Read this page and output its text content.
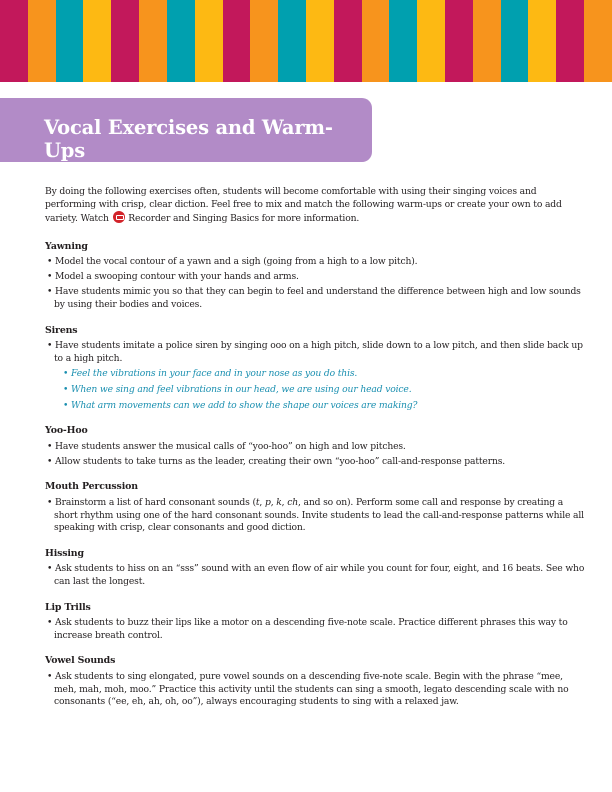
Vocal Exercises and Warm-Ups

By doing the following exercises often, students will become comfortable with using their singing voices and performing with crisp, clear diction. Feel free to mix and match the following warm-ups or create your own to add variety. Watch Recorder and Singing Basics for more information.

Yawning
• Model the vocal contour of a yawn and a sigh (going from a high to a low pitch).
• Model a swooping contour with your hands and arms.
• Have students mimic you so that they can begin to feel and understand the difference between high and low sounds by using their bodies and voices.
Sirens
• Have students imitate a police siren by singing ooo on a high pitch, slide down to a low pitch, and then slide back up to a high pitch.
• Feel the vibrations in your face and in your nose as you do this.
• When we sing and feel vibrations in our head, we are using our head voice.
• What arm movements can we add to show the shape our voices are making?
Yoo-Hoo
• Have students answer the musical calls of “yoo-hoo” on high and low pitches.
• Allow students to take turns as the leader, creating their own “yoo-hoo” call-and-response patterns.
Mouth Percussion
• Brainstorm a list of hard consonant sounds (t, p, k, ch, and so on). Perform some call and response by creating a short rhythm using one of the hard consonant sounds. Invite students to lead the call-and-response patterns while all speaking with crisp, clear consonants and good diction.
Hissing
• Ask students to hiss on an “sss” sound with an even flow of air while you count for four, eight, and 16 beats. See who can last the longest.
Lip Trills
• Ask students to buzz their lips like a motor on a descending five-note scale. Practice different phrases this way to increase breath control.
Vowel Sounds
• Ask students to sing elongated, pure vowel sounds on a descending five-note scale. Begin with the phrase “mee, meh, mah, moh, moo.” Practice this activity until the students can sing a smooth, legato descending scale with no consonants (“ee, eh, ah, oh, oo”), always encouraging students to sing with a relaxed jaw.
